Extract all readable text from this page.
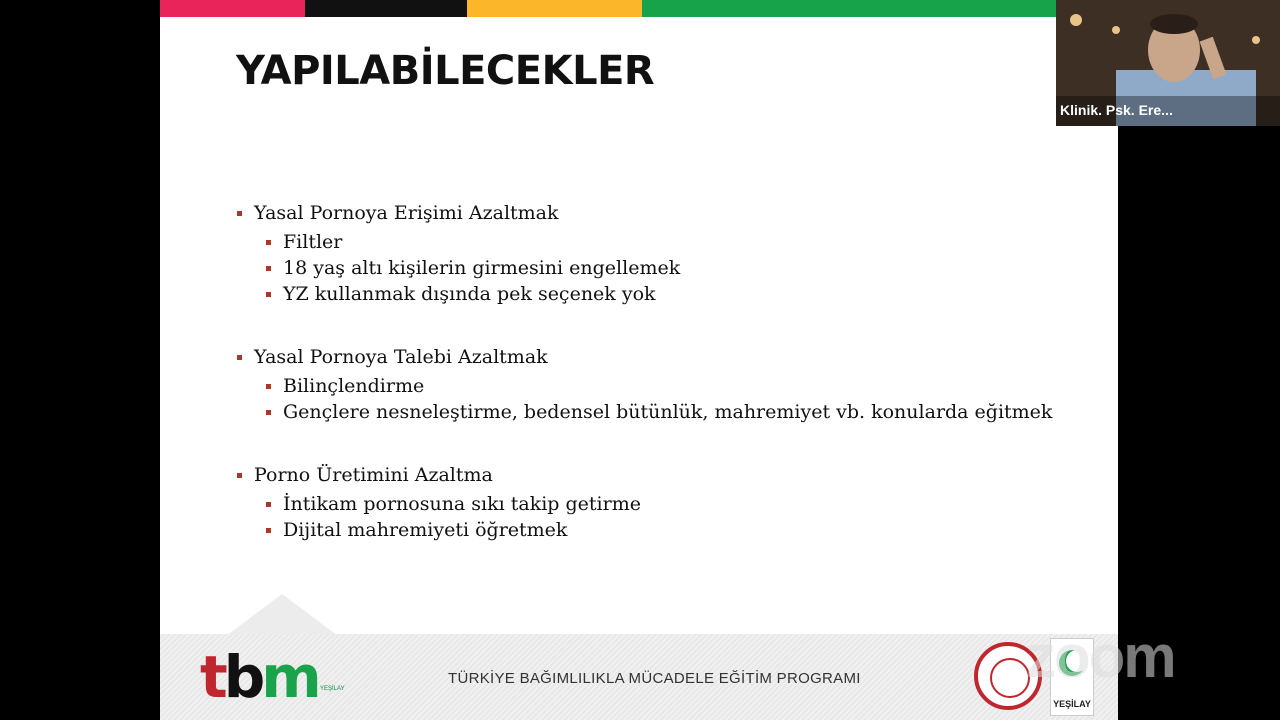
YAPILABİLECEKLER
Yasal Pornoya Erişimi Azaltmak
Filtler
18 yaş altı kişilerin girmesini engellemek
YZ kullanmak dışında pek seçenek yok
Yasal Pornoya Talebi Azaltmak
Bilinçlendirme
Gençlere nesneleştirme, bedensel bütünlük, mahremiyet vb. konularda eğitmek
Porno Üretimini Azaltma
İntikam pornosuna sıkı takip getirme
Dijital mahremiyeti öğretmek
tbm YEŞİLAY
TÜRKİYE BAĞIMLILIKLA MÜCADELE EĞİTİM PROGRAMI
YEŞİLAY
Klinik. Psk. Ere...
zoom
